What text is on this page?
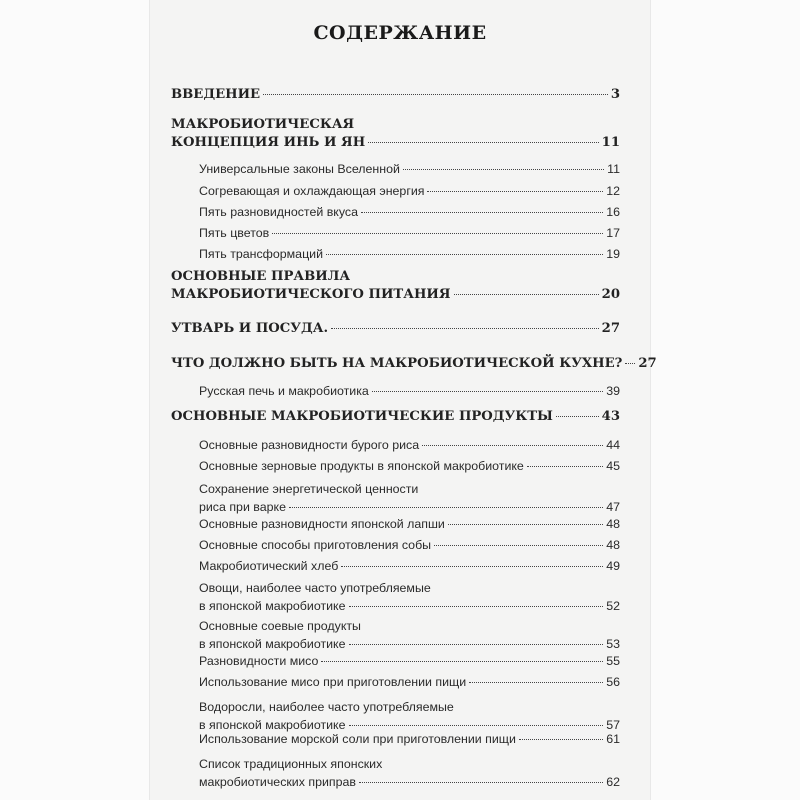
СОДЕРЖАНИЕ
ВВЕДЕНИЕ	3
МАКРОБИОТИЧЕСКАЯ
КОНЦЕПЦИЯ ИНЬ И ЯН	11
Универсальные законы Вселенной	11
Согревающая и охлаждающая энергия	12
Пять разновидностей вкуса	16
Пять цветов	17
Пять трансформаций	19
ОСНОВНЫЕ ПРАВИЛА
МАКРОБИОТИЧЕСКОГО ПИТАНИЯ	20
УТВАРЬ И ПОСУДА.	27
ЧТО ДОЛЖНО БЫТЬ НА МАКРОБИОТИЧЕСКОЙ КУХНЕ? 27
Русская печь и макробиотика	39
ОСНОВНЫЕ МАКРОБИОТИЧЕСКИЕ ПРОДУКТЫ	43
Основные разновидности бурого риса	44
Основные зерновые продукты в японской макробиотике	45
Сохранение энергетической ценности
риса при варке	47
Основные разновидности японской лапши	48
Основные способы приготовления собы	48
Макробиотический хлеб	49
Овощи, наиболее часто употребляемые
в японской макробиотике	52
Основные соевые продукты
в японской макробиотике	53
Разновидности мисо	55
Использование мисо при приготовлении пищи	56
Водоросли, наиболее часто употребляемые
в японской макробиотике	57
Использование морской соли при приготовлении пищи	61
Список традиционных японских
макробиотических приправ	62
